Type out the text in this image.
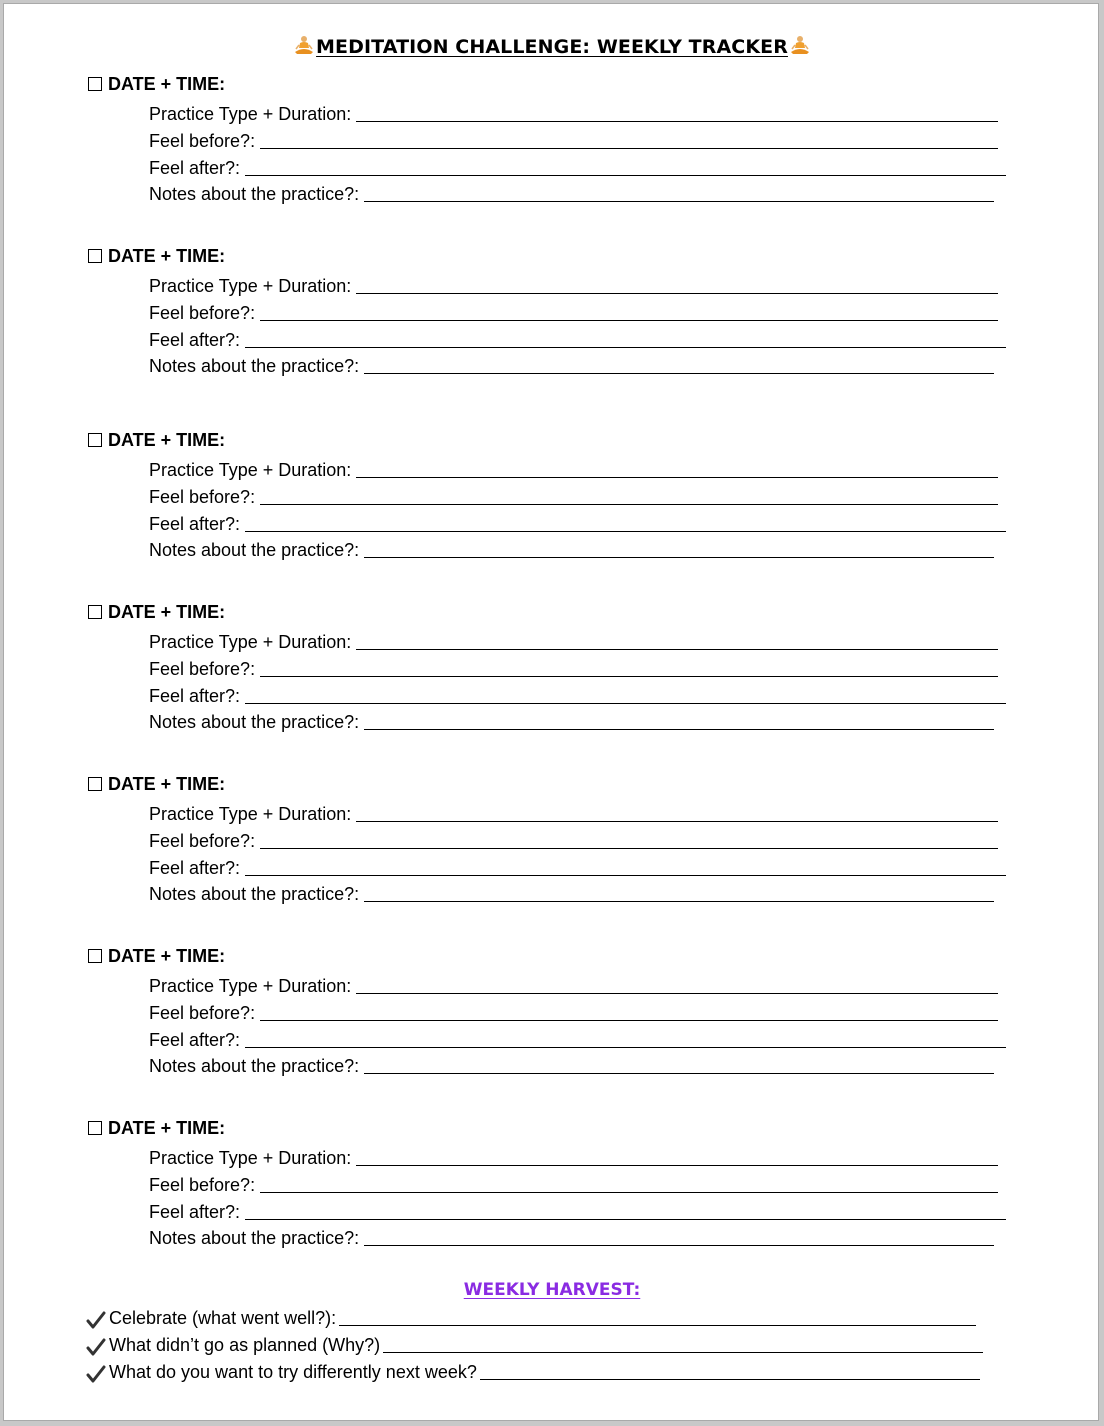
MEDITATION CHALLENGE: WEEKLY TRACKER
DATE + TIME:
Practice Type + Duration:
Feel before?:
Feel after?:
Notes about the practice?:
DATE + TIME:
Practice Type + Duration:
Feel before?:
Feel after?:
Notes about the practice?:
DATE + TIME:
Practice Type + Duration:
Feel before?:
Feel after?:
Notes about the practice?:
DATE + TIME:
Practice Type + Duration:
Feel before?:
Feel after?:
Notes about the practice?:
DATE + TIME:
Practice Type + Duration:
Feel before?:
Feel after?:
Notes about the practice?:
DATE + TIME:
Practice Type + Duration:
Feel before?:
Feel after?:
Notes about the practice?:
DATE + TIME:
Practice Type + Duration:
Feel before?:
Feel after?:
Notes about the practice?:
WEEKLY HARVEST:
Celebrate (what went well?):
What didn’t go as planned (Why?)
What do you want to try differently next week?
